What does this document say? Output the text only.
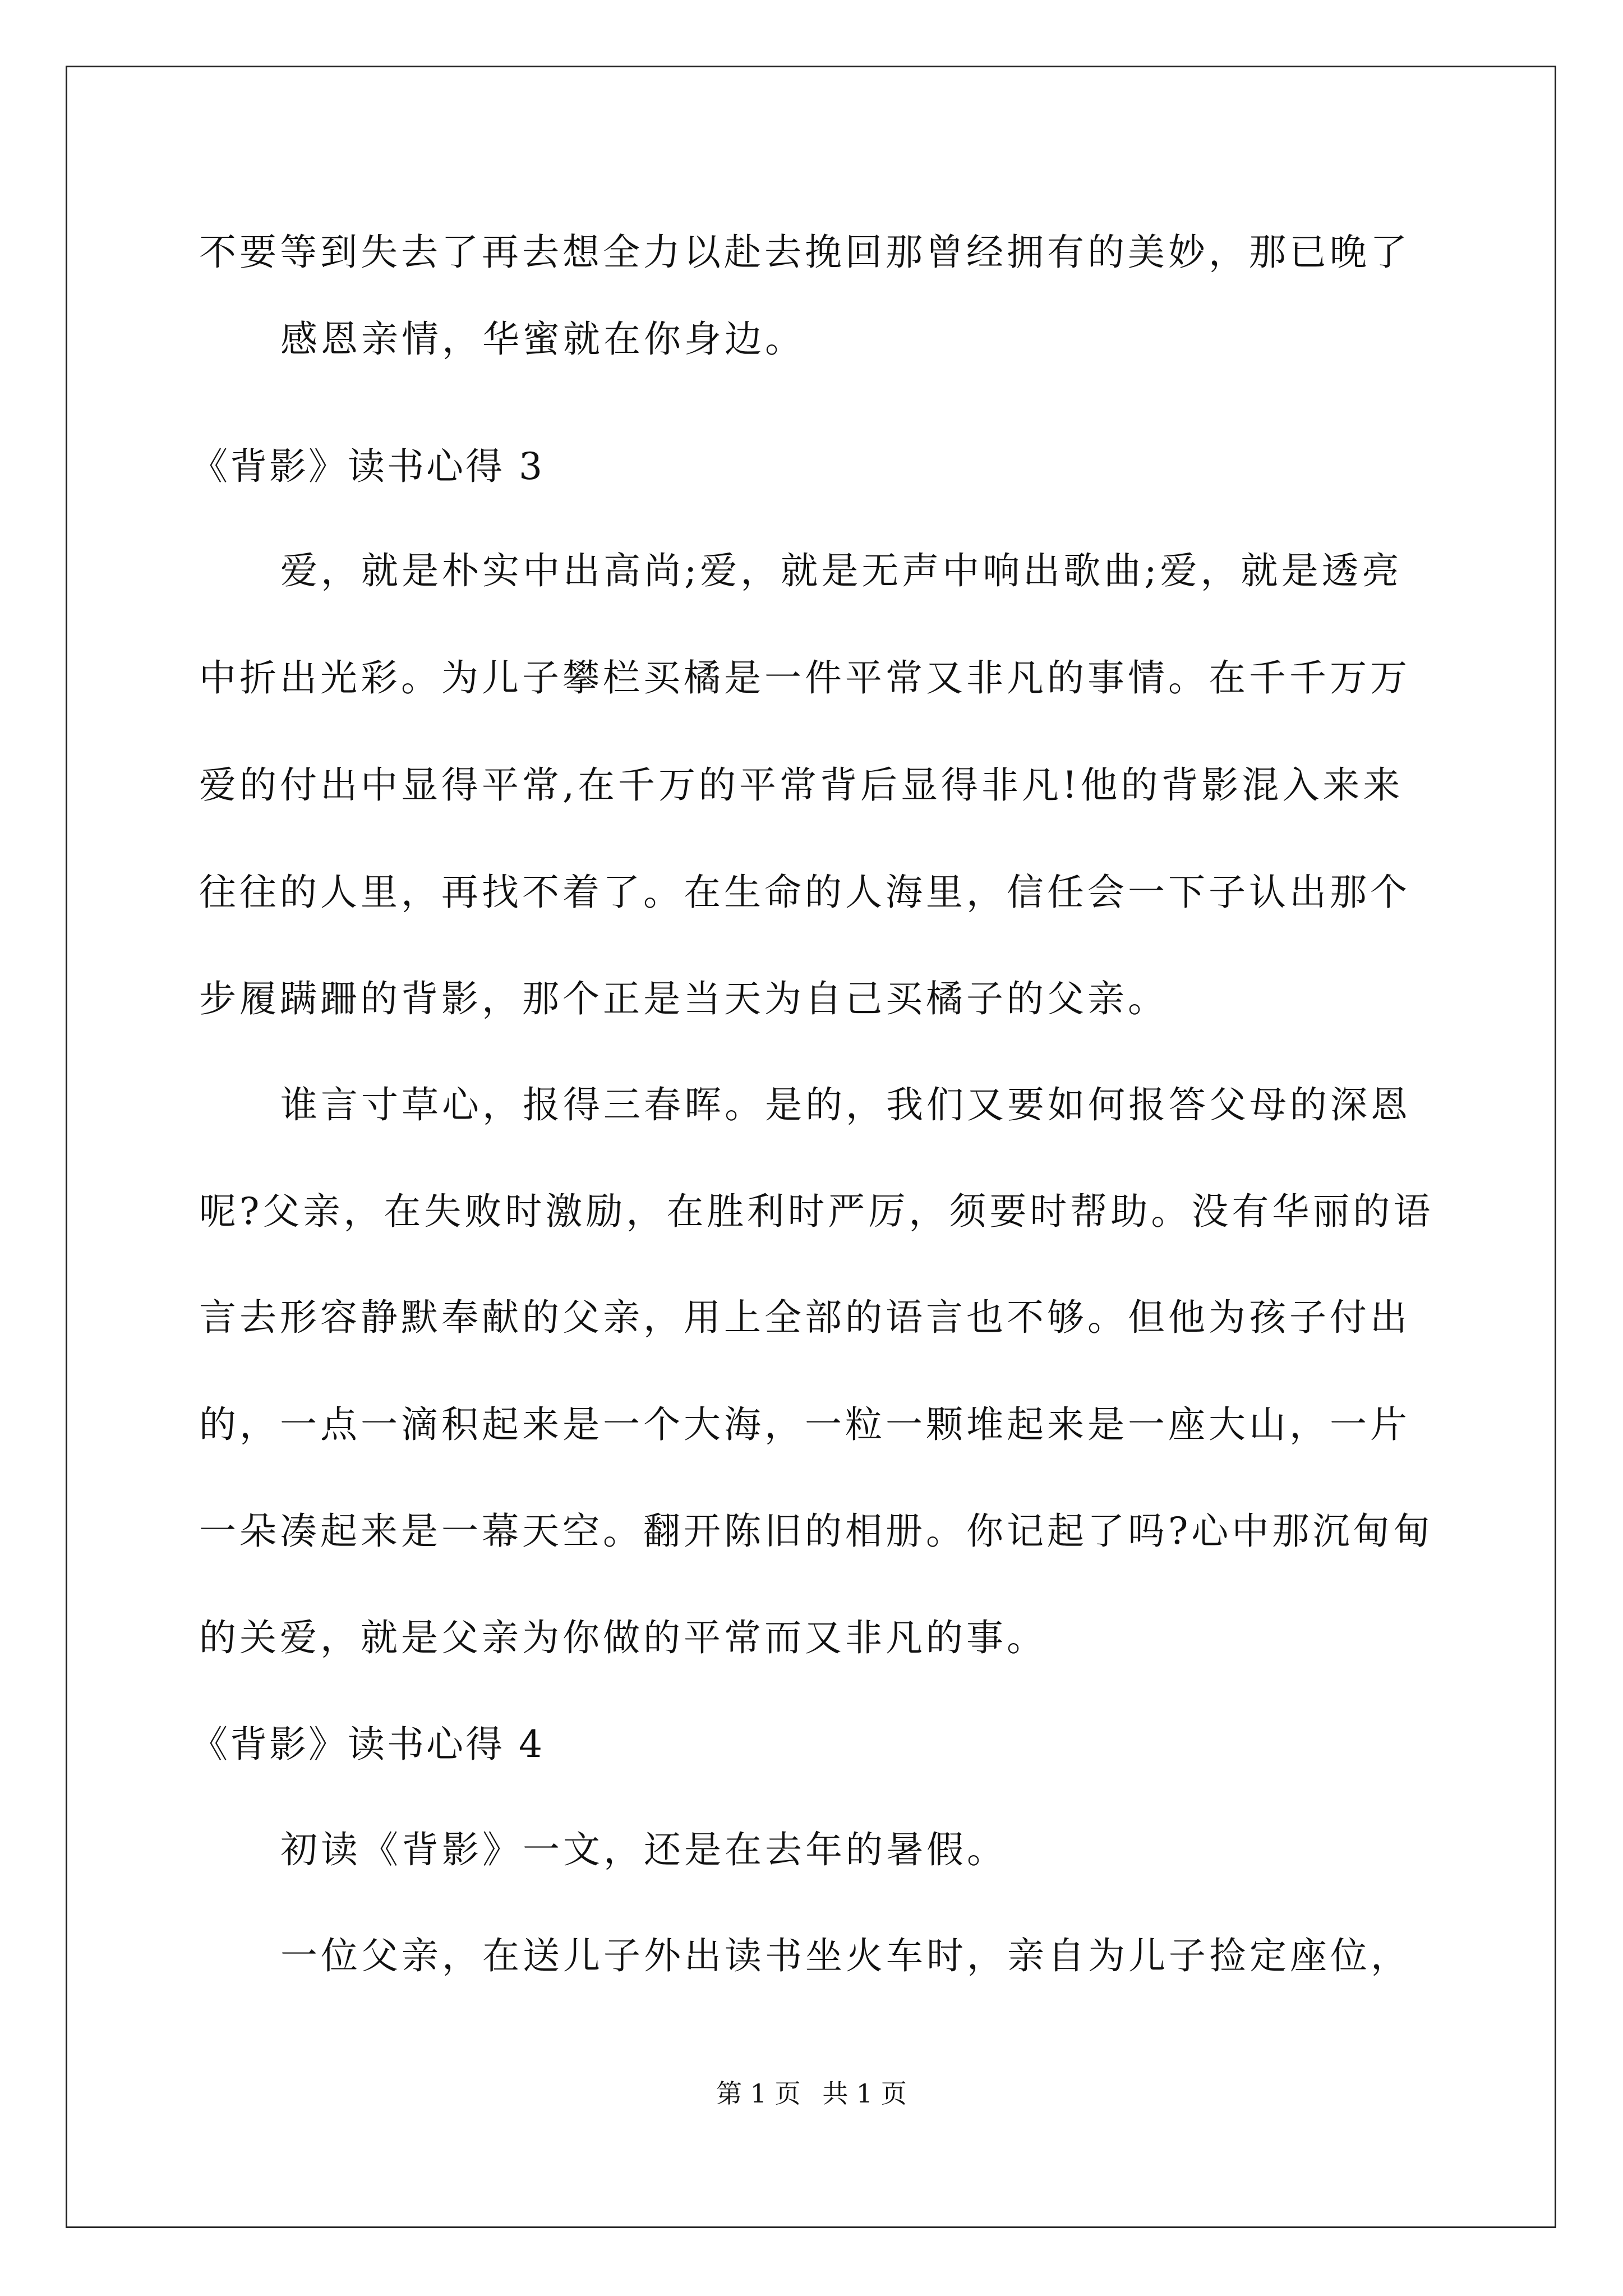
不要等到失去了再去想全力以赴去挽回那曾经拥有的美妙，那已晚了
感恩亲情，华蜜就在你身边。
《背影》读书心得 3
爱，就是朴实中出高尚;爱，就是无声中响出歌曲;爱，就是透亮
中折出光彩。为儿子攀栏买橘是一件平常又非凡的事情。在千千万万
爱的付出中显得平常,在千万的平常背后显得非凡!他的背影混入来来
往往的人里，再找不着了。在生命的人海里，信任会一下子认出那个
步履蹒跚的背影，那个正是当天为自己买橘子的父亲。
谁言寸草心，报得三春晖。是的，我们又要如何报答父母的深恩
呢?父亲，在失败时激励，在胜利时严厉，须要时帮助。没有华丽的语
言去形容静默奉献的父亲，用上全部的语言也不够。但他为孩子付出
的，一点一滴积起来是一个大海，一粒一颗堆起来是一座大山，一片
一朵凑起来是一幕天空。翻开陈旧的相册。你记起了吗?心中那沉甸甸
的关爱，就是父亲为你做的平常而又非凡的事。
《背影》读书心得 4
初读《背影》一文，还是在去年的暑假。
一位父亲，在送儿子外出读书坐火车时，亲自为儿子捡定座位，
第 1 页 共 1 页
